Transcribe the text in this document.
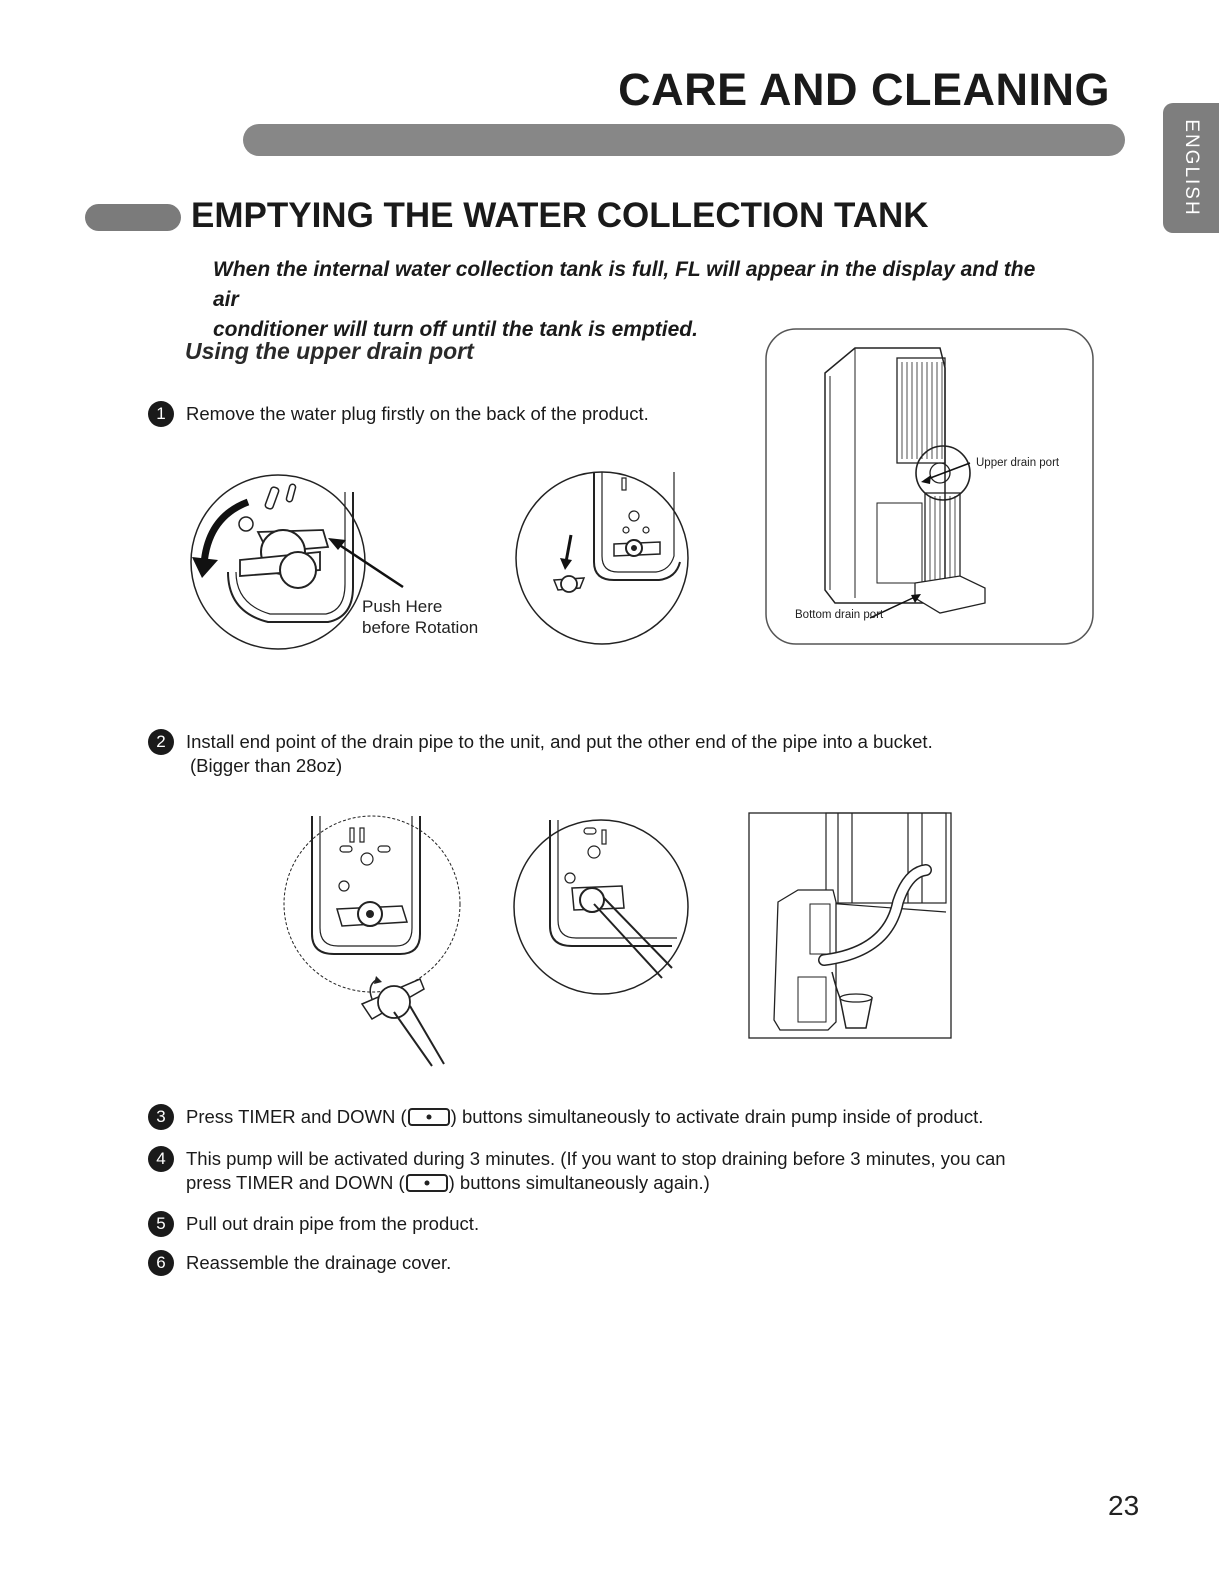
CARE AND CLEANING
ENGLISH
EMPTYING THE WATER COLLECTION TANK
When the internal water collection tank is full, FL will appear in the display and the air
conditioner will turn off until the tank is emptied.
Using the upper drain port
1	Remove the water plug firstly on the back of the product.
Push Here
before Rotation
Upper drain port
Bottom drain port
2	Install end point of the drain pipe to the unit, and put the other end of the pipe into a bucket.
(Bigger than 28oz)
3	Press TIMER and DOWN ( ) buttons simultaneously to activate drain pump inside of product.
4	This pump will be activated during 3 minutes. (If you want to stop draining before 3 minutes, you can
press TIMER and DOWN ( ) buttons simultaneously again.)
5	Pull out drain pipe from the product.
6	Reassemble the drainage cover.
23
